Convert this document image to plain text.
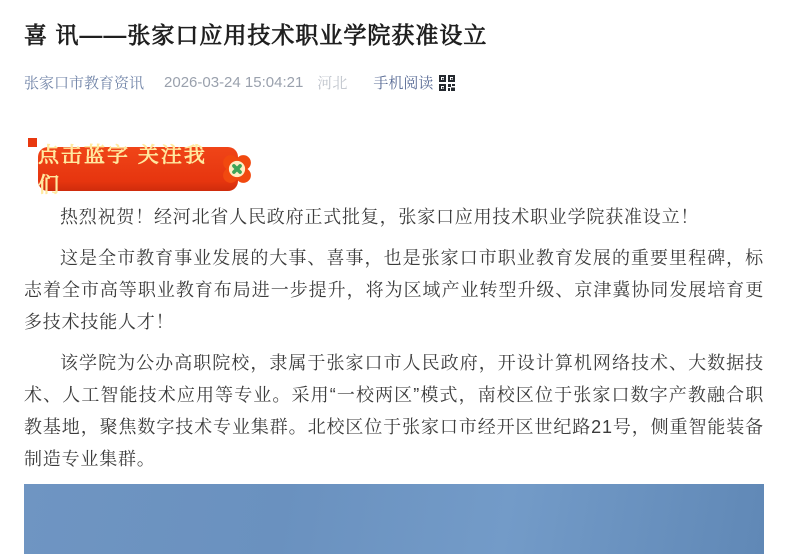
喜 讯——张家口应用技术职业学院获准设立
张家口市教育资讯 2026-03-24 15:04:21 河北 手机阅读
点击蓝字 关注我们

热烈祝贺！经河北省人民政府正式批复，张家口应用技术职业学院获准设立！

这是全市教育事业发展的大事、喜事，也是张家口市职业教育发展的重要里程碑，标志着全市高等职业教育布局进一步提升，将为区域产业转型升级、京津冀协同发展培育更多技术技能人才！

该学院为公办高职院校，隶属于张家口市人民政府，开设计算机网络技术、大数据技术、人工智能技术应用等专业。采用“一校两区”模式，南校区位于张家口数字产教融合职教基地，聚焦数字技术专业集群。北校区位于张家口市经开区世纪路21号，侧重智能装备制造专业集群。
